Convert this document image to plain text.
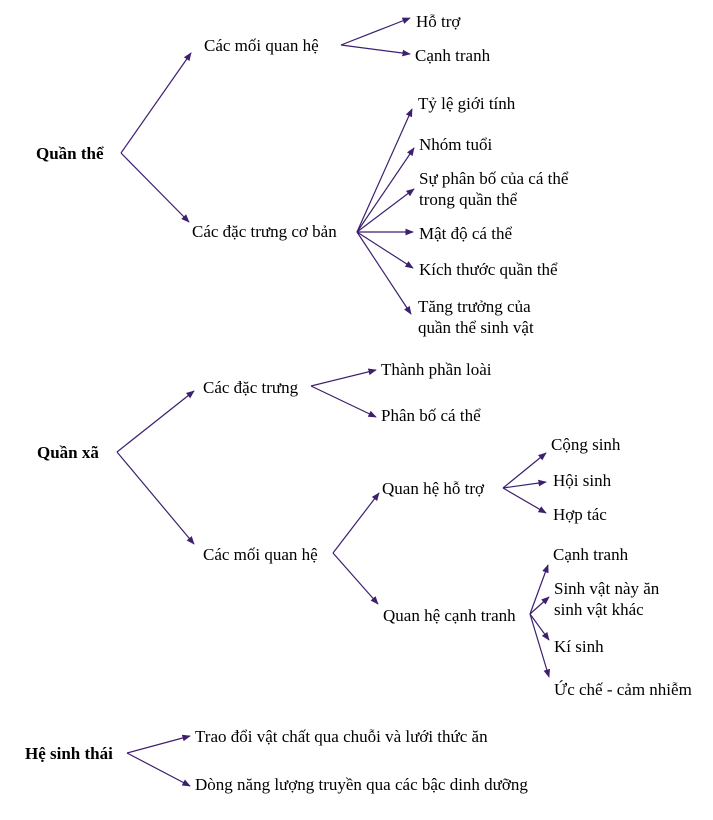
Quần thể
Các mối quan hệ
Hỗ trợ
Cạnh tranh
Các đặc trưng cơ bản
Tỷ lệ giới tính
Nhóm tuổi
Sự phân bố của cá thể
trong quần thể
Mật độ cá thể
Kích thước quần thể
Tăng trưởng của
quần thể sinh vật
Quần xã
Các đặc trưng
Thành phần loài
Phân bố cá thể
Các mối quan hệ
Quan hệ hỗ trợ
Cộng sinh
Hội sinh
Hợp tác
Quan hệ cạnh tranh
Cạnh tranh
Sinh vật này ăn
sinh vật khác
Kí sinh
Ức chế - cảm nhiễm
Hệ sinh thái
Trao đổi vật chất qua chuỗi và lưới thức ăn
Dòng năng lượng truyền qua các bậc dinh dưỡng
